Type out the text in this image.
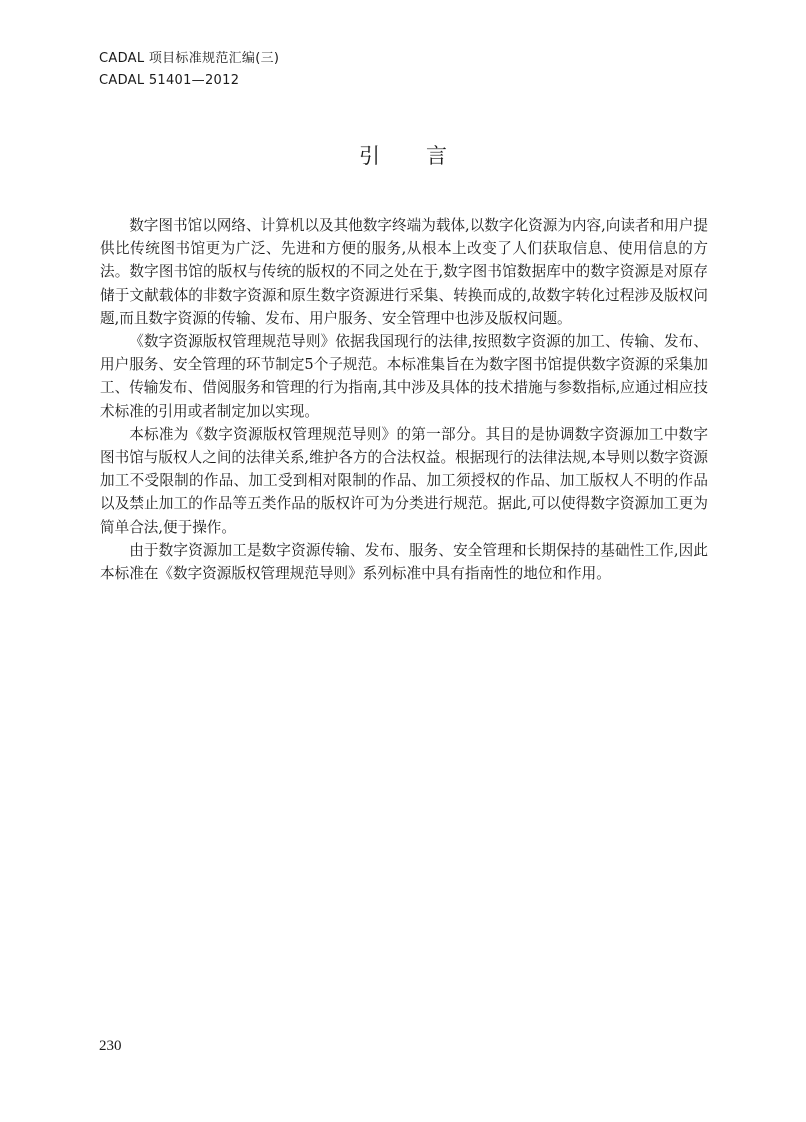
CADAL 项目标准规范汇编(三)
CADAL 51401—2012
引言

数字图书馆以网络、计算机以及其他数字终端为载体,以数字化资源为内容,向读者和用户提供比传统图书馆更为广泛、先进和方便的服务,从根本上改变了人们获取信息、使用信息的方法。数字图书馆的版权与传统的版权的不同之处在于,数字图书馆数据库中的数字资源是对原存储于文献载体的非数字资源和原生数字资源进行采集、转换而成的,故数字转化过程涉及版权问题,而且数字资源的传输、发布、用户服务、安全管理中也涉及版权问题。

《数字资源版权管理规范导则》依据我国现行的法律,按照数字资源的加工、传输、发布、用户服务、安全管理的环节制定5个子规范。本标准集旨在为数字图书馆提供数字资源的采集加工、传输发布、借阅服务和管理的行为指南,其中涉及具体的技术措施与参数指标,应通过相应技术标准的引用或者制定加以实现。

本标准为《数字资源版权管理规范导则》的第一部分。其目的是协调数字资源加工中数字图书馆与版权人之间的法律关系,维护各方的合法权益。根据现行的法律法规,本导则以数字资源加工不受限制的作品、加工受到相对限制的作品、加工须授权的作品、加工版权人不明的作品以及禁止加工的作品等五类作品的版权许可为分类进行规范。据此,可以使得数字资源加工更为简单合法,便于操作。

由于数字资源加工是数字资源传输、发布、服务、安全管理和长期保持的基础性工作,因此本标准在《数字资源版权管理规范导则》系列标准中具有指南性的地位和作用。

230
